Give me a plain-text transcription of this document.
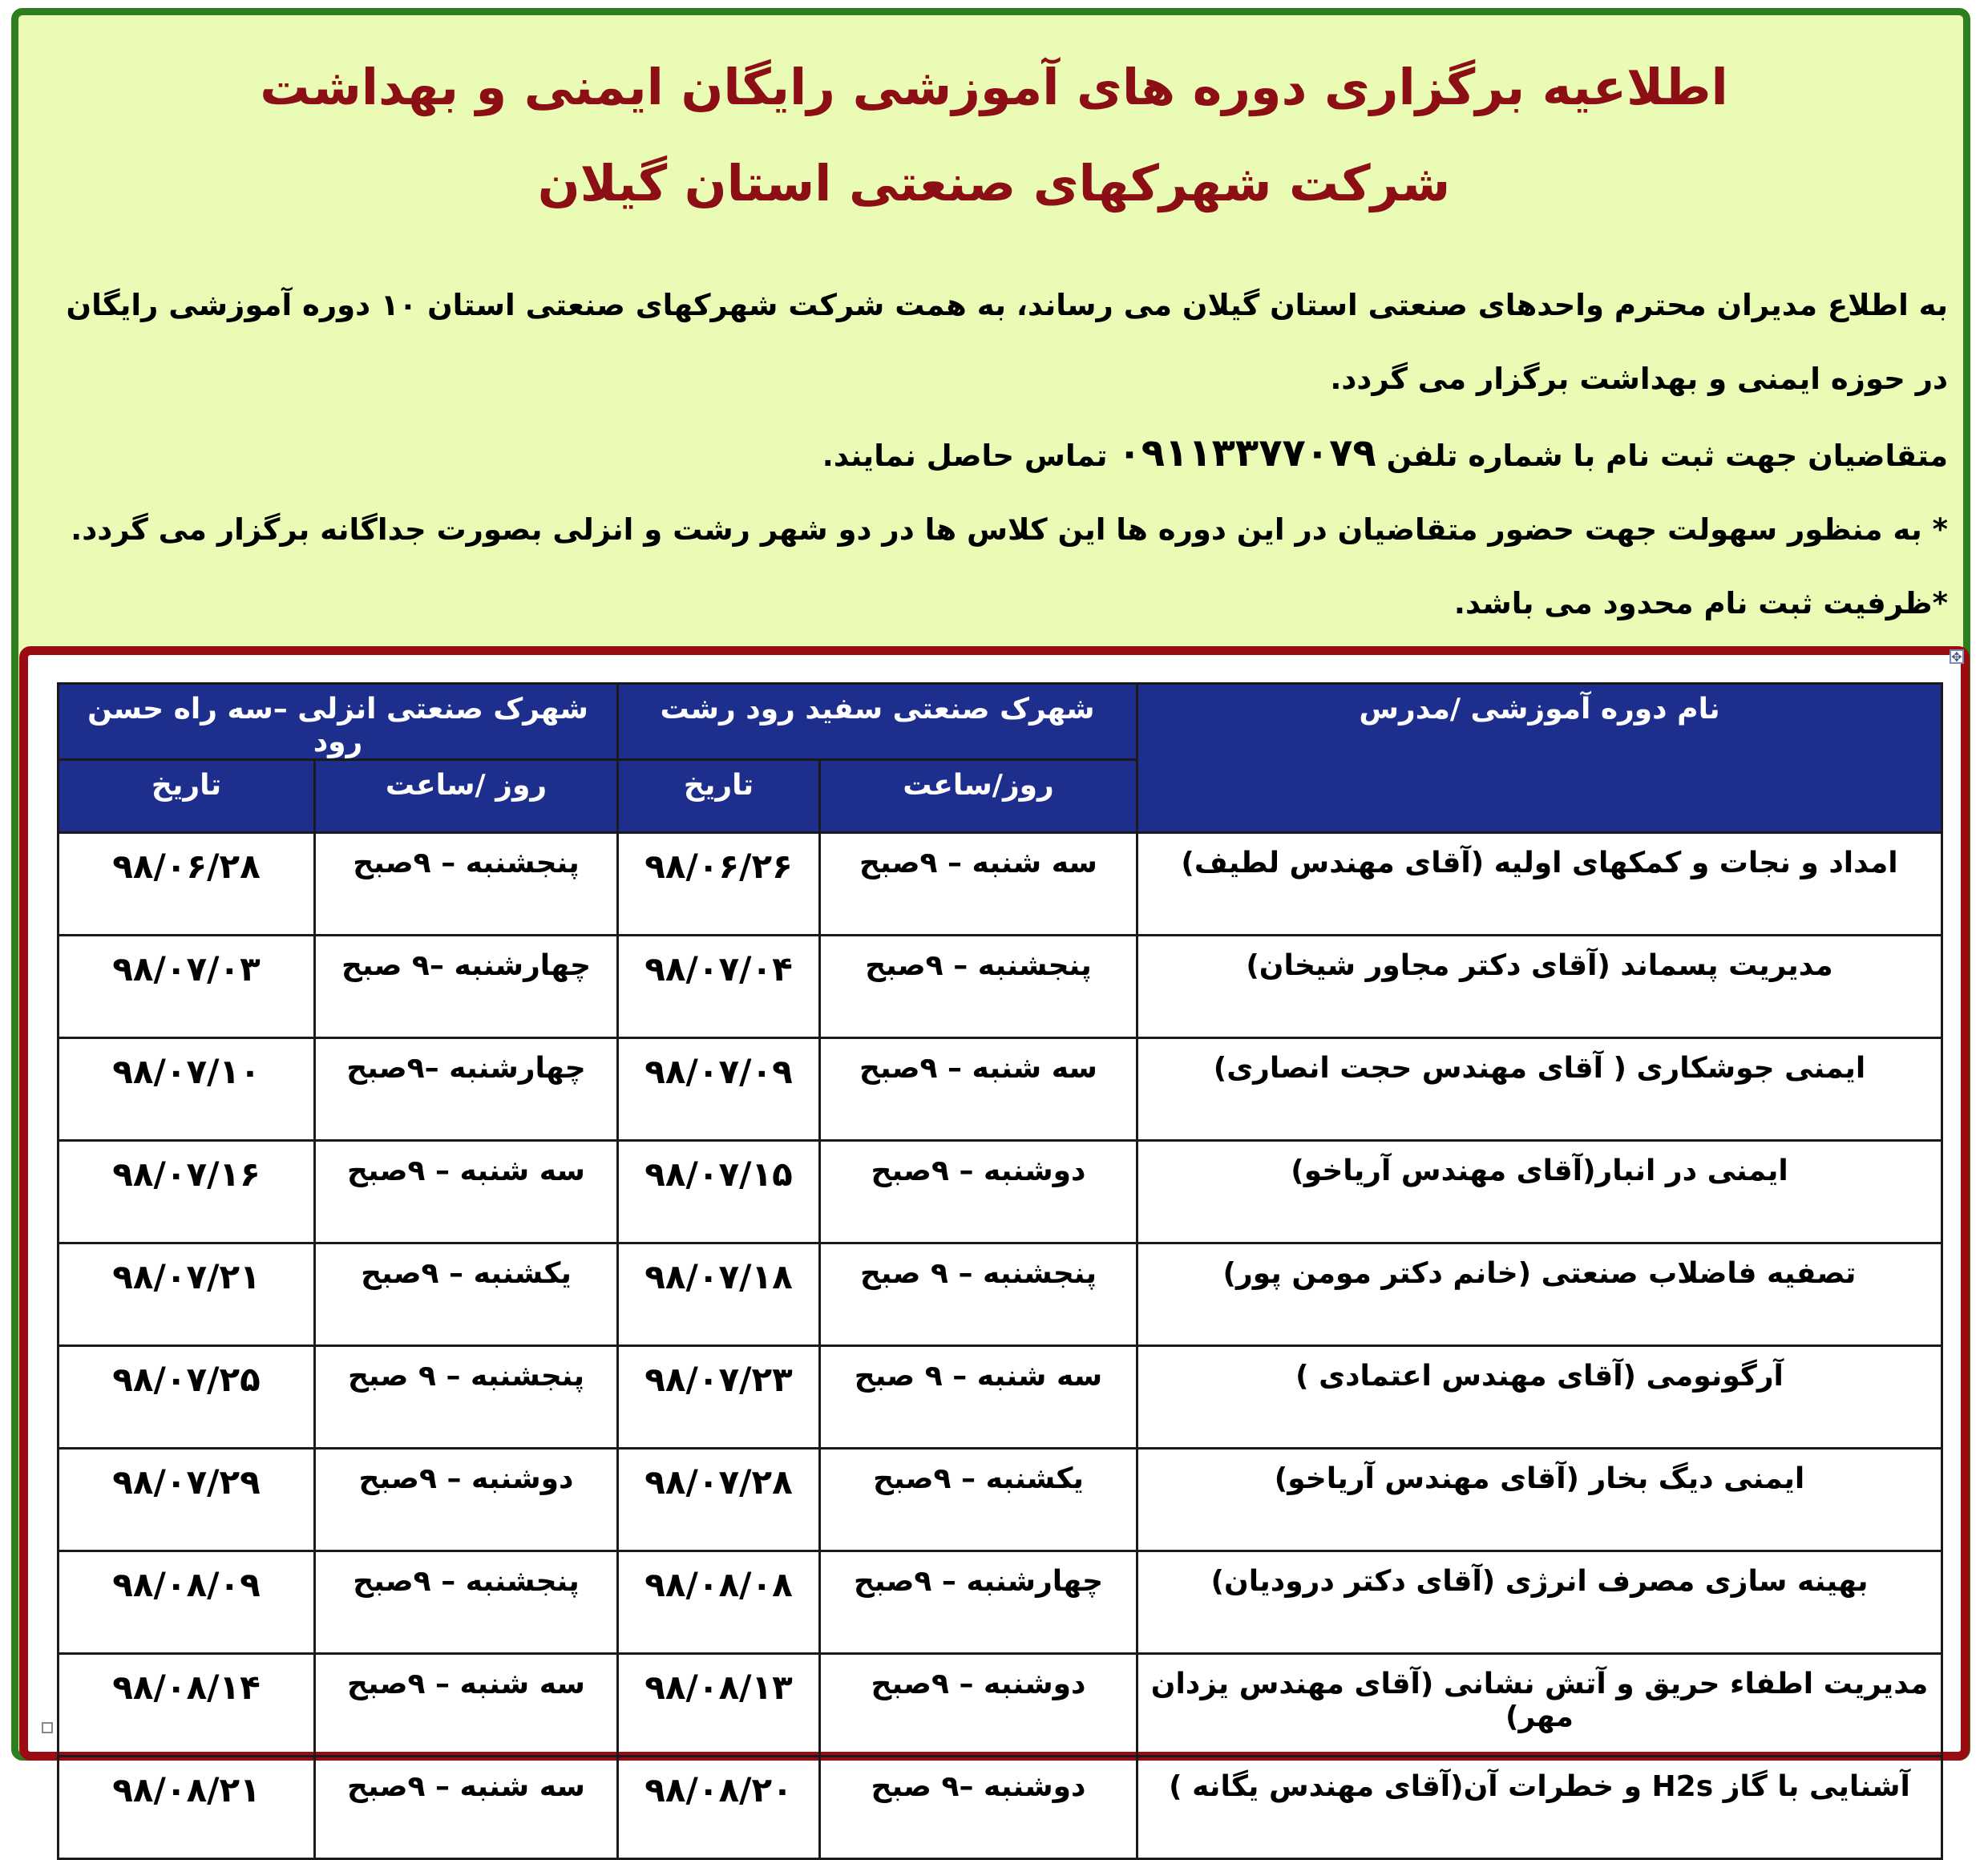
اطلاعیه برگزاری دوره های آموزشی رایگان ایمنی و بهداشت
شرکت شهرکهای صنعتی استان گیلان

به اطلاع مدیران محترم واحدهای صنعتی استان گیلان می رساند، به همت شرکت شهرکهای صنعتی استان ۱۰ دوره آموزشی رایگان

در حوزه ایمنی و بهداشت برگزار می گردد.

متقاضیان جهت ثبت نام با شماره تلفن ۰۹۱۱۳۳۷۷۰۷۹ تماس حاصل نمایند.

* به منظور سهولت جهت حضور متقاضیان در این دوره ها این کلاس ها در دو شهر رشت و انزلی بصورت جداگانه برگزار می گردد.

*ظرفیت ثبت نام محدود می باشد.

نام دوره آموزشی /مدرس	شهرک صنعتی سفید رود رشت		شهرک صنعتی انزلی –سه راه حسن رود	
	روز/ساعت	تاریخ	روز /ساعت	تاریخ
امداد و نجات و کمکهای اولیه (آقای مهندس لطیف)	سه شنبه – ۹صبح	۹۸/۰۶/۲۶	پنجشنبه – ۹صبح	۹۸/۰۶/۲۸
مدیریت پسماند (آقای دکتر مجاور شیخان)	پنجشنبه – ۹صبح	۹۸/۰۷/۰۴	چهارشنبه –۹ صبح	۹۸/۰۷/۰۳
ایمنی جوشکاری ( آقای مهندس حجت انصاری)	سه شنبه – ۹صبح	۹۸/۰۷/۰۹	چهارشنبه –۹صبح	۹۸/۰۷/۱۰
ایمنی در انبار(آقای مهندس آریاخو)	دوشنبه – ۹صبح	۹۸/۰۷/۱۵	سه شنبه – ۹صبح	۹۸/۰۷/۱۶
تصفیه فاضلاب صنعتی (خانم دکتر مومن پور)	پنجشنبه – ۹ صبح	۹۸/۰۷/۱۸	یکشنبه – ۹صبح	۹۸/۰۷/۲۱
آرگونومی (آقای مهندس اعتمادی )	سه شنبه – ۹ صبح	۹۸/۰۷/۲۳	پنجشنبه – ۹ صبح	۹۸/۰۷/۲۵
ایمنی دیگ بخار (آقای مهندس آریاخو)	یکشنبه – ۹صبح	۹۸/۰۷/۲۸	دوشنبه – ۹صبح	۹۸/۰۷/۲۹
بهینه سازی مصرف انرژی (آقای دکتر درودیان)	چهارشنبه – ۹صبح	۹۸/۰۸/۰۸	پنجشنبه – ۹صبح	۹۸/۰۸/۰۹
مدیریت اطفاء حریق و آتش نشانی (آقای مهندس یزدان مهر)	دوشنبه – ۹صبح	۹۸/۰۸/۱۳	سه شنبه – ۹صبح	۹۸/۰۸/۱۴
آشنایی با گاز H2s و خطرات آن(آقای مهندس یگانه )	دوشنبه –۹ صبح	۹۸/۰۸/۲۰	سه شنبه – ۹صبح	۹۸/۰۸/۲۱
✥
